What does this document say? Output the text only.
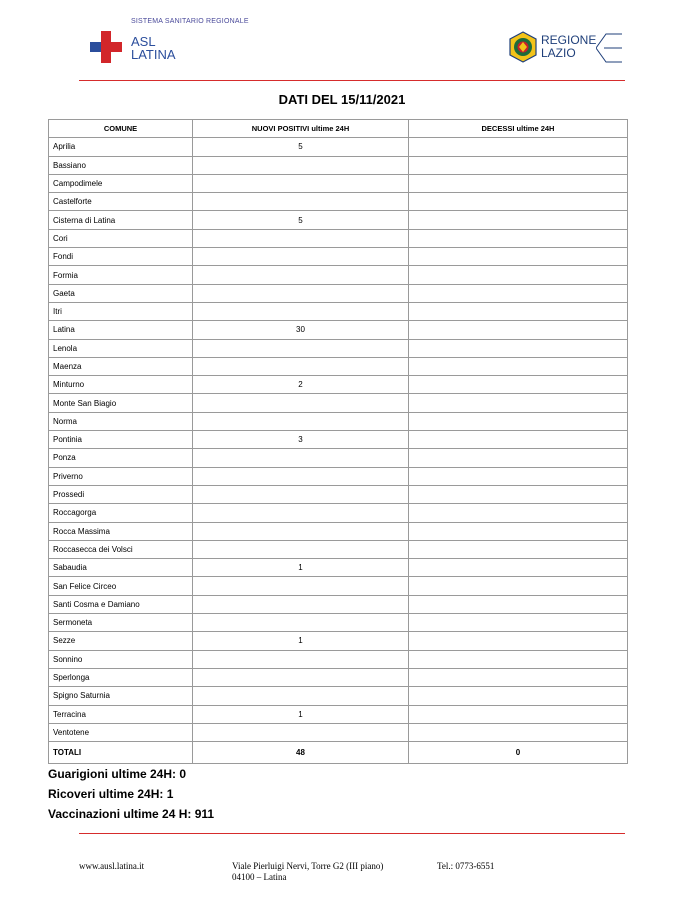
SISTEMA SANITARIO REGIONALE
ASL
LATINA
REGIONE
LAZIO
DATI DEL 15/11/2021
COMUNE	NUOVI POSITIVI ultime 24H	DECESSI ultime 24H
Aprilia	5	
Bassiano		
Campodimele		
Castelforte		
Cisterna di Latina	5	
Cori		
Fondi		
Formia		
Gaeta		
Itri		
Latina	30	
Lenola		
Maenza		
Minturno	2	
Monte San Biagio		
Norma		
Pontinia	3	
Ponza		
Priverno		
Prossedi		
Roccagorga		
Rocca Massima		
Roccasecca dei Volsci		
Sabaudia	1	
San Felice Circeo		
Santi Cosma e Damiano		
Sermoneta		
Sezze	1	
Sonnino		
Sperlonga		
Spigno Saturnia		
Terracina	1	
Ventotene		
TOTALI	48	0
Guarigioni ultime 24H: 0
Ricoveri ultime 24H: 1
Vaccinazioni ultime 24 H: 911
www.ausl.latina.it	Viale Pierluigi Nervi, Torre G2 (III piano)
04100 – Latina
Tel.: 0773-6551
